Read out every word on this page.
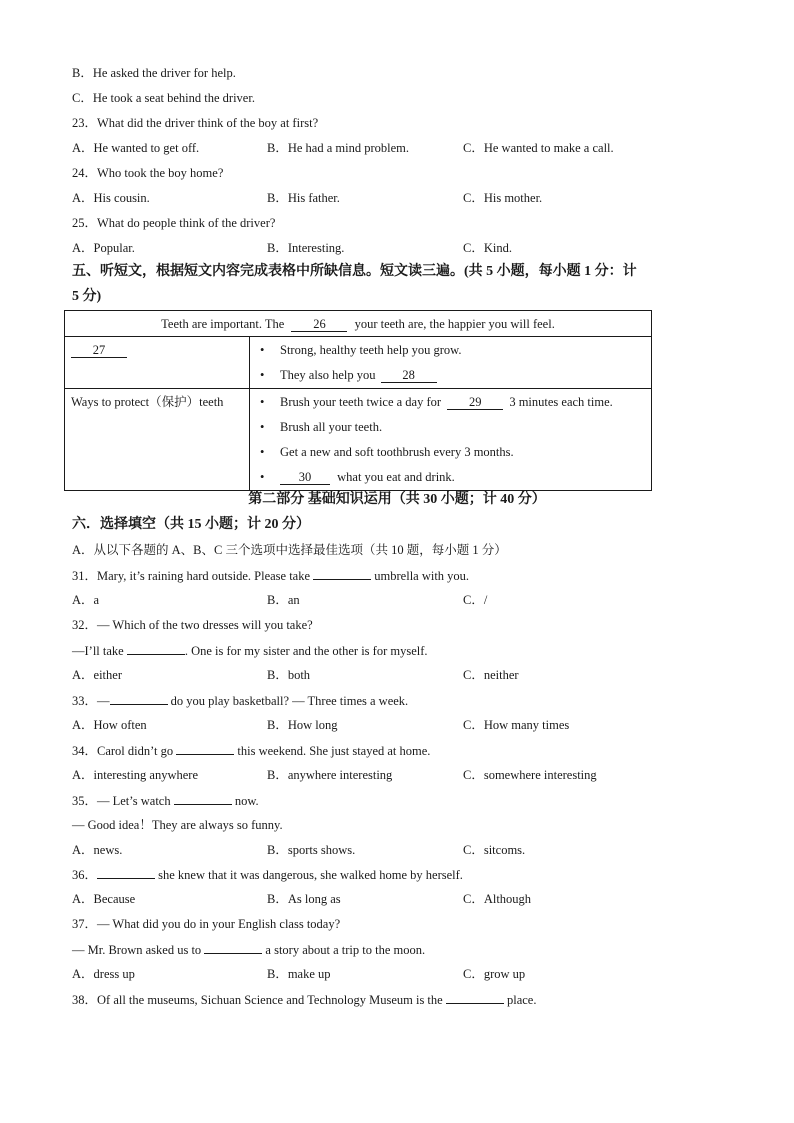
B．He asked the driver for help.
C．He took a seat behind the driver.
23．What did the driver think of the boy at first?
A．He wanted to get off.	B．He had a mind problem.	C．He wanted to make a call.
24．Who took the boy home?
A．His cousin.	B．His father.	C．His mother.
25．What do people think of the driver?
A．Popular.	B．Interesting.	C．Kind.
五、听短文，根据短文内容完成表格中所缺信息。短文读三遍。(共 5 小题，每小题 1 分：计
5 分)
Teeth are important. The 26 your teeth are, the happier you will feel.	

27	• Strong, healthy teeth help you grow.
• They also help you 28

Ways to protect（保护）teeth	• Brush your teeth twice a day for 29 3 minutes each time.
• Brush all your teeth.
• Get a new and soft toothbrush every 3 months.
• 30 what you eat and drink.
第二部分 基础知识运用（共 30 小题；计 40 分）
六．选择填空（共 15 小题；计 20 分）
A．从以下各题的 A、B、C 三个选项中选择最佳选项（共 10 题，每小题 1 分）
31．Mary, it’s raining hard outside. Please take	umbrella with you.
A．a	B．an	C．/
32．— Which of the two dresses will you take?
—I’ll take	. One is for my sister and the other is for myself.
A．either	B．both	C．neither
33．—	do you play basketball? — Three times a week.
A．How often	B．How long	C．How many times
34．Carol didn’t go	this weekend. She just stayed at home.
A．interesting anywhere	B．anywhere interesting	C．somewhere interesting
35．— Let’s watch	now.
— Good idea！They are always so funny.
A．news.	B．sports shows.	C．sitcoms.
36．	she knew that it was dangerous, she walked home by herself.
A．Because	B．As long as	C．Although
37．— What did you do in your English class today?
— Mr. Brown asked us to	a story about a trip to the moon.
A．dress up	B．make up	C．grow up
38．Of all the museums, Sichuan Science and Technology Museum is the	place.
